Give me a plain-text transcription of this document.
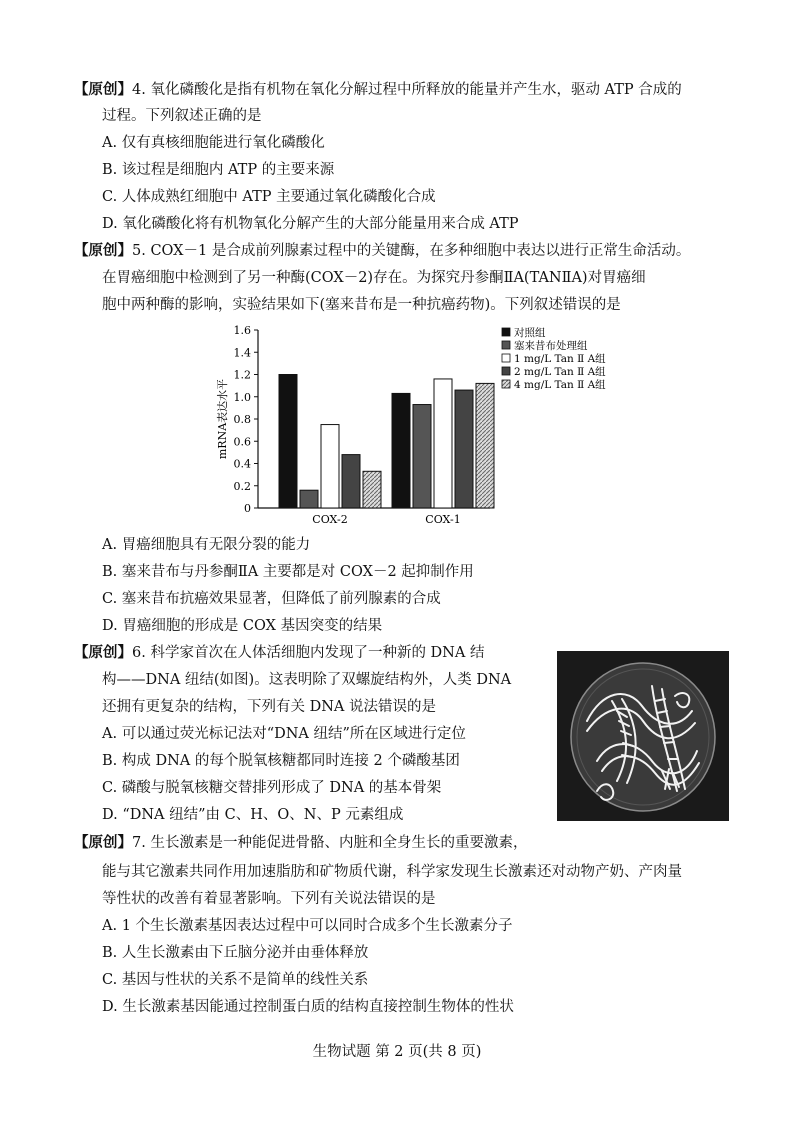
【原创】4. 氧化磷酸化是指有机物在氧化分解过程中所释放的能量并产生水，驱动 ATP 合成的
过程。下列叙述正确的是
A. 仅有真核细胞能进行氧化磷酸化
B. 该过程是细胞内 ATP 的主要来源
C. 人体成熟红细胞中 ATP 主要通过氧化磷酸化合成
D. 氧化磷酸化将有机物氧化分解产生的大部分能量用来合成 ATP
【原创】5. COX－1 是合成前列腺素过程中的关键酶，在多种细胞中表达以进行正常生命活动。
在胃癌细胞中检测到了另一种酶(COX－2)存在。为探究丹参酮ⅡA(TANⅡA)对胃癌细
胞中两种酶的影响，实验结果如下(塞来昔布是一种抗癌药物)。下列叙述错误的是
0
0.2
0.4
0.6
0.8
1.0
1.2
1.4
1.6
mRNA表达水平
COX-2	COX-1
对照组
塞来昔布处理组
1 mg/L Tan Ⅱ A组
2 mg/L Tan Ⅱ A组
4 mg/L Tan Ⅱ A组
A. 胃癌细胞具有无限分裂的能力
B. 塞来昔布与丹参酮ⅡA 主要都是对 COX－2 起抑制作用
C. 塞来昔布抗癌效果显著，但降低了前列腺素的合成
D. 胃癌细胞的形成是 COX 基因突变的结果
【原创】6. 科学家首次在人体活细胞内发现了一种新的 DNA 结
构——DNA 纽结(如图)。这表明除了双螺旋结构外，人类 DNA
还拥有更复杂的结构，下列有关 DNA 说法错误的是
A. 可以通过荧光标记法对“DNA 纽结”所在区域进行定位
B. 构成 DNA 的每个脱氧核糖都同时连接 2 个磷酸基团
C. 磷酸与脱氧核糖交替排列形成了 DNA 的基本骨架
D. “DNA 纽结”由 C、H、O、N、P 元素组成
【原创】7. 生长激素是一种能促进骨骼、内脏和全身生长的重要激素，
能与其它激素共同作用加速脂肪和矿物质代谢，科学家发现生长激素还对动物产奶、产肉量
等性状的改善有着显著影响。下列有关说法错误的是
A. 1 个生长激素基因表达过程中可以同时合成多个生长激素分子
B. 人生长激素由下丘脑分泌并由垂体释放
C. 基因与性状的关系不是简单的线性关系
D. 生长激素基因能通过控制蛋白质的结构直接控制生物体的性状
生物试题 第 2 页(共 8 页)
